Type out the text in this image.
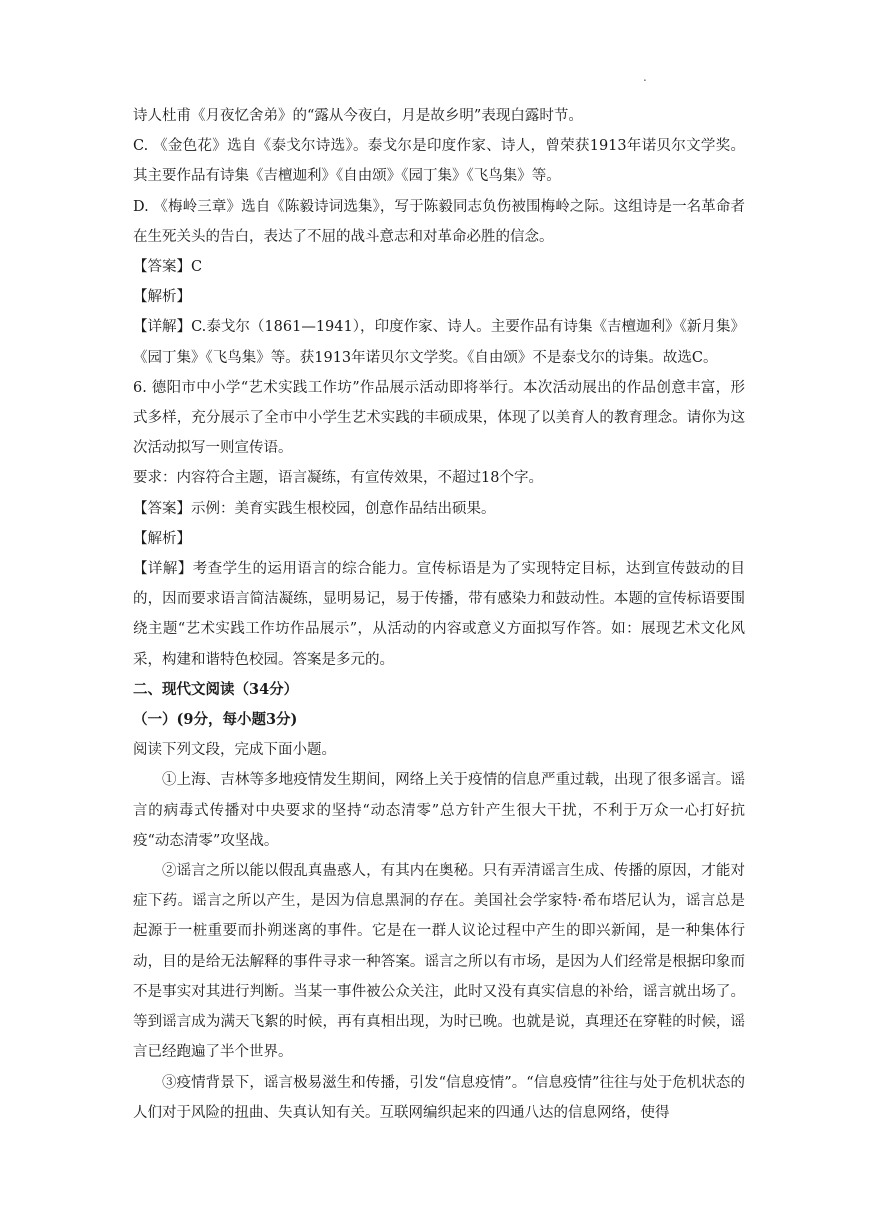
.

诗人杜甫《月夜忆舍弟》的“露从今夜白，月是故乡明”表现白露时节。

C. 《金色花》选自《泰戈尔诗选》。泰戈尔是印度作家、诗人，曾荣获1913年诺贝尔文学奖。其主要作品有诗集《吉檀迦利》《自由颂》《园丁集》《飞鸟集》等。

D. 《梅岭三章》选自《陈毅诗词选集》，写于陈毅同志负伤被围梅岭之际。这组诗是一名革命者在生死关头的告白，表达了不屈的战斗意志和对革命必胜的信念。

【答案】C

【解析】

【详解】C.泰戈尔（1861—1941），印度作家、诗人。主要作品有诗集《吉檀迦利》《新月集》《园丁集》《飞鸟集》等。获1913年诺贝尔文学奖。《自由颂》不是泰戈尔的诗集。故选C。

6. 德阳市中小学“艺术实践工作坊”作品展示活动即将举行。本次活动展出的作品创意丰富，形式多样，充分展示了全市中小学生艺术实践的丰硕成果，体现了以美育人的教育理念。请你为这次活动拟写一则宣传语。

要求：内容符合主题，语言凝练，有宣传效果，不超过18个字。

【答案】示例：美育实践生根校园，创意作品结出硕果。

【解析】

【详解】考查学生的运用语言的综合能力。宣传标语是为了实现特定目标，达到宣传鼓动的目的，因而要求语言简洁凝练，显明易记，易于传播，带有感染力和鼓动性。本题的宣传标语要围绕主题“艺术实践工作坊作品展示”，从活动的内容或意义方面拟写作答。如：展现艺术文化风采，构建和谐特色校园。答案是多元的。

二、现代文阅读（34分）

（一）(9分，每小题3分)

阅读下列文段，完成下面小题。

①上海、吉林等多地疫情发生期间，网络上关于疫情的信息严重过载，出现了很多谣言。谣言的病毒式传播对中央要求的坚持“动态清零”总方针产生很大干扰，不利于万众一心打好抗疫“动态清零”攻坚战。

②谣言之所以能以假乱真蛊惑人，有其内在奥秘。只有弄清谣言生成、传播的原因，才能对症下药。谣言之所以产生，是因为信息黑洞的存在。美国社会学家特·希布塔尼认为，谣言总是起源于一桩重要而扑朔迷离的事件。它是在一群人议论过程中产生的即兴新闻，是一种集体行动，目的是给无法解释的事件寻求一种答案。谣言之所以有市场，是因为人们经常是根据印象而不是事实对其进行判断。当某一事件被公众关注，此时又没有真实信息的补给，谣言就出场了。等到谣言成为满天飞絮的时候，再有真相出现，为时已晚。也就是说，真理还在穿鞋的时候，谣言已经跑遍了半个世界。

③疫情背景下，谣言极易滋生和传播，引发“信息疫情”。“信息疫情”往往与处于危机状态的人们对于风险的扭曲、失真认知有关。互联网编织起来的四通八达的信息网络，使得
